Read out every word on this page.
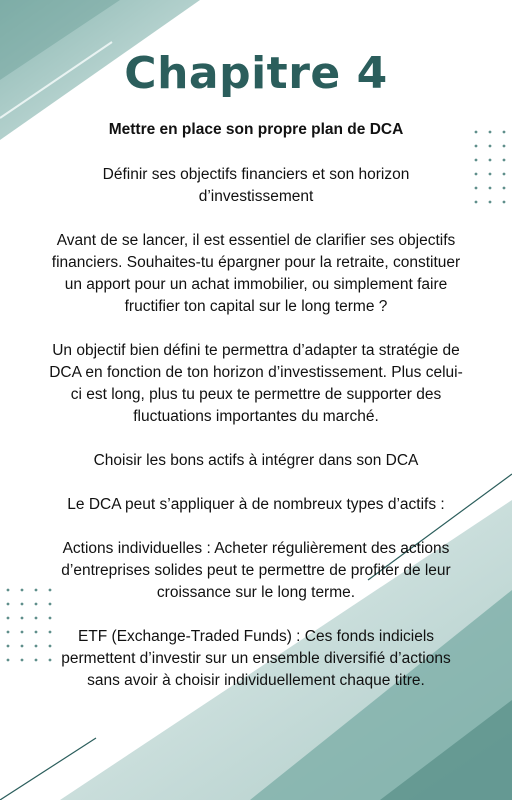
Chapitre 4
Mettre en place son propre plan de DCA

Définir ses objectifs financiers et son horizon d’investissement

Avant de se lancer, il est essentiel de clarifier ses objectifs financiers. Souhaites-tu épargner pour la retraite, constituer un apport pour un achat immobilier, ou simplement faire fructifier ton capital sur le long terme ?

Un objectif bien défini te permettra d’adapter ta stratégie de DCA en fonction de ton horizon d’investissement. Plus celui-ci est long, plus tu peux te permettre de supporter des fluctuations importantes du marché.

Choisir les bons actifs à intégrer dans son DCA

Le DCA peut s’appliquer à de nombreux types d’actifs :

Actions individuelles : Acheter régulièrement des actions d’entreprises solides peut te permettre de profiter de leur croissance sur le long terme.

ETF (Exchange-Traded Funds) : Ces fonds indiciels permettent d’investir sur un ensemble diversifié d’actions sans avoir à choisir individuellement chaque titre.
